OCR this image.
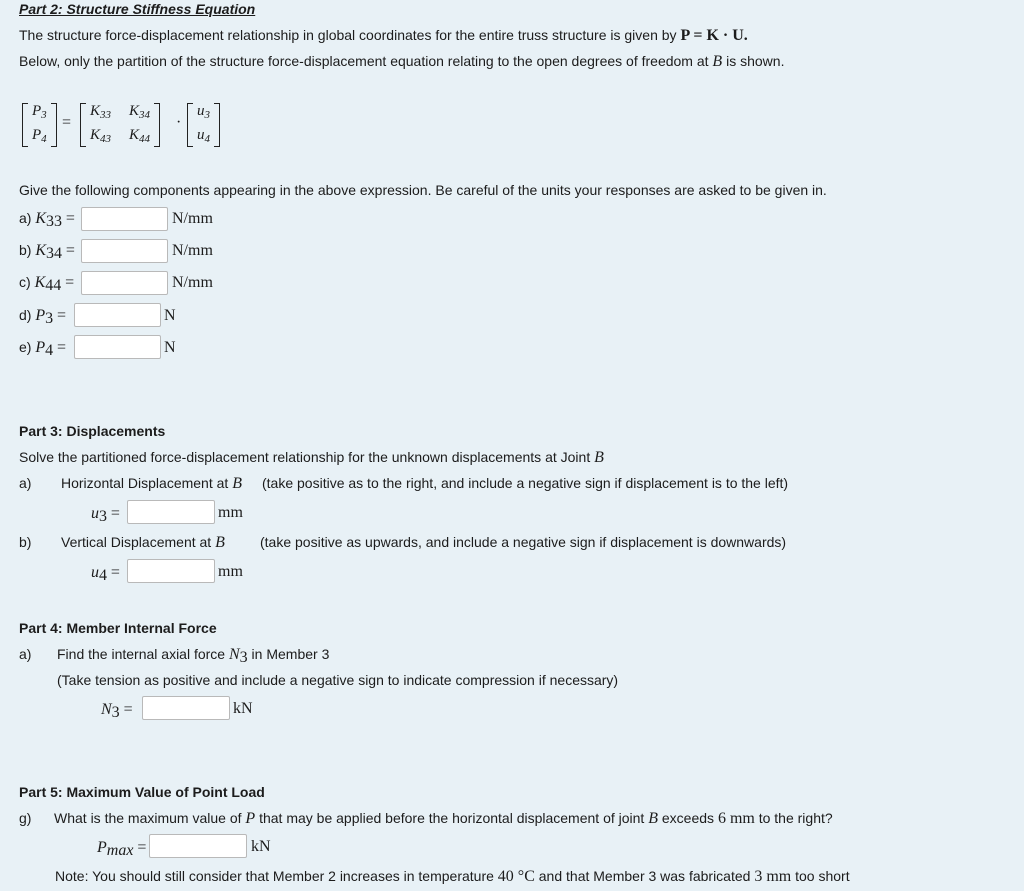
Part 2: Structure Stiffness Equation
The structure force-displacement relationship in global coordinates for the entire truss structure is given by P = K · U.
Below, only the partition of the structure force-displacement equation relating to the open degrees of freedom at B is shown.
$P_3$
$P_4$
=
$K_{33}$ $K_{34}$
$K_{43}$ $K_{44}$
·
$u_3$
$u_4$
Give the following components appearing in the above expression. Be careful of the units your responses are asked to be given in.
a) $K_{33}$ =	N/mm
b) $K_{34}$ =	N/mm
c) $K_{44}$ =	N/mm
d) $P_3$ =	N
e) $P_4$ =	N
Part 3: Displacements
Solve the partitioned force-displacement relationship for the unknown displacements at Joint B
a) Horizontal Displacement at B (take positive as to the right, and include a negative sign if displacement is to the left)
$u_3$ =	mm
b) Vertical Displacement at B	(take positive as upwards, and include a negative sign if displacement is downwards)
$u_4$ =	mm
Part 4: Member Internal Force
a) Find the internal axial force $N_3$ in Member 3
(Take tension as positive and include a negative sign to indicate compression if necessary)
$N_3$ =	kN
Part 5: Maximum Value of Point Load
g) What is the maximum value of P that may be applied before the horizontal displacement of joint B exceeds 6 mm to the right?
$P_{max}$ =	kN
Note: You should still consider that Member 2 increases in temperature 40 °C and that Member 3 was fabricated 3 mm too short
